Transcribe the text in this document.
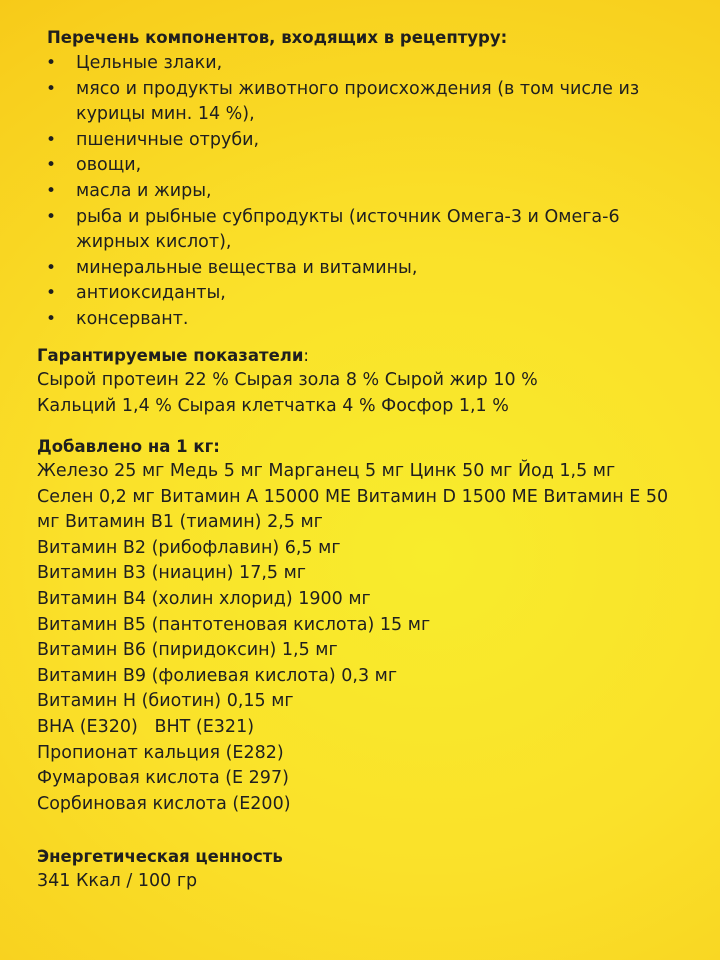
Перечень компонентов, входящих в рецептуру:

• Цельные злаки,
• мясо и продукты животного происхождения (в том числе из курицы мин. 14 %),
• пшеничные отруби,
• овощи,
• масла и жиры,
• рыба и рыбные субпродукты (источник Омега-3 и Омега-6 жирных кислот),
• минеральные вещества и витамины,
• антиоксиданты,
• консервант.
Гарантируемые показатели:

Сырой протеин 22 % Сырая зола 8 % Сырой жир 10 %

Кальций 1,4 % Сырая клетчатка 4 % Фосфор 1,1 %

Добавлено на 1 кг:

Железо 25 мг Медь 5 мг Марганец 5 мг Цинк 50 мг Йод 1,5 мг

Селен 0,2 мг Витамин А 15000 МЕ Витамин D 1500 МЕ Витамин Е 50

мг Витамин B1 (тиамин) 2,5 мг

Витамин B2 (рибофлавин) 6,5 мг

Витамин B3 (ниацин) 17,5 мг

Витамин B4 (холин хлорид) 1900 мг

Витамин B5 (пантотеновая кислота) 15 мг

Витамин B6 (пиридоксин) 1,5 мг

Витамин B9 (фолиевая кислота) 0,3 мг

Витамин H (биотин) 0,15 мг

BHA (E320)   BHT (E321)

Пропионат кальция (E282)

Фумаровая кислота (Е 297)

Сорбиновая кислота (E200)

Энергетическая ценность

341 Ккал / 100 гр
